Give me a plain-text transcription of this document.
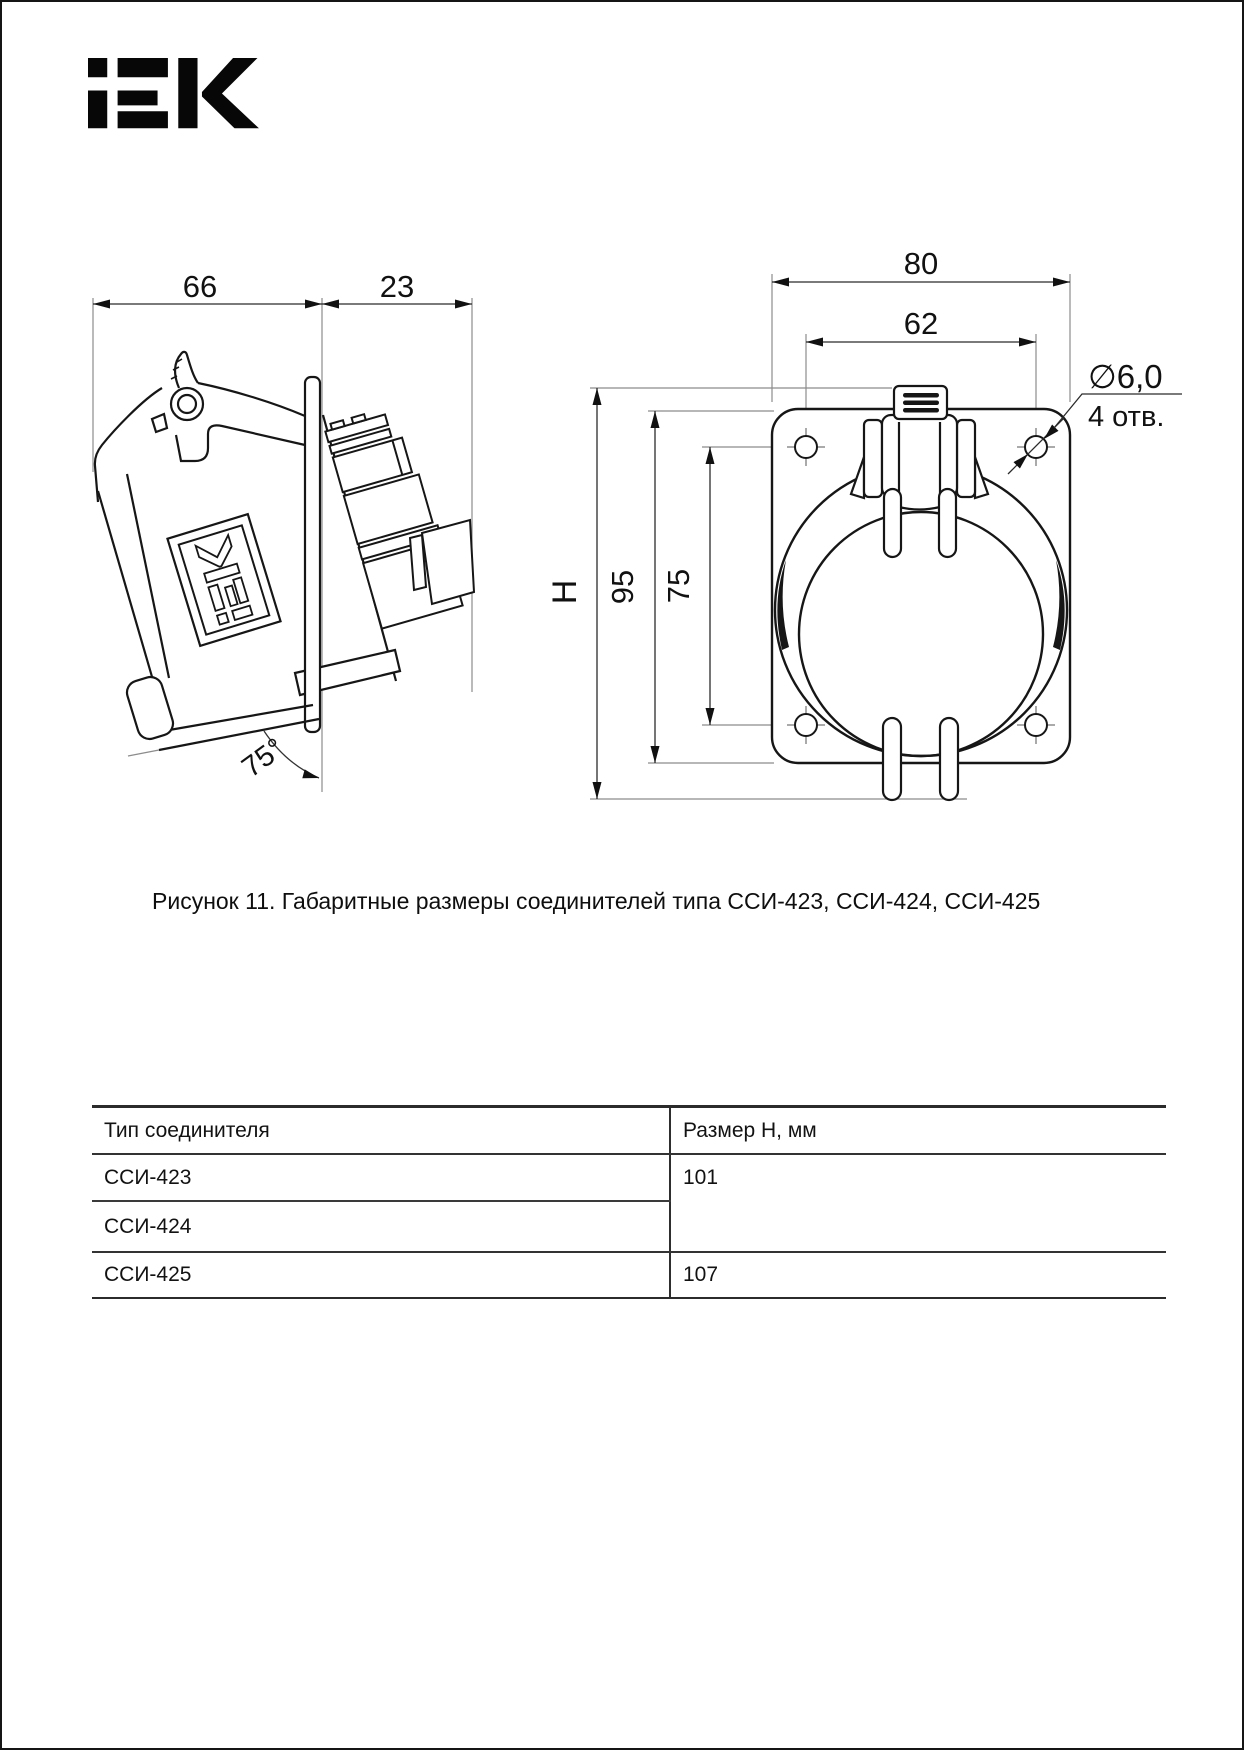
66	23
75°
80
62
H 95 75
∅6,0
4 отв.
Рисунок 11. Габаритные размеры соединителей типа ССИ-423, ССИ-424, ССИ-425
Тип соединителя	Размер H, мм
ССИ-423	101
ССИ-424	
ССИ-425	107
